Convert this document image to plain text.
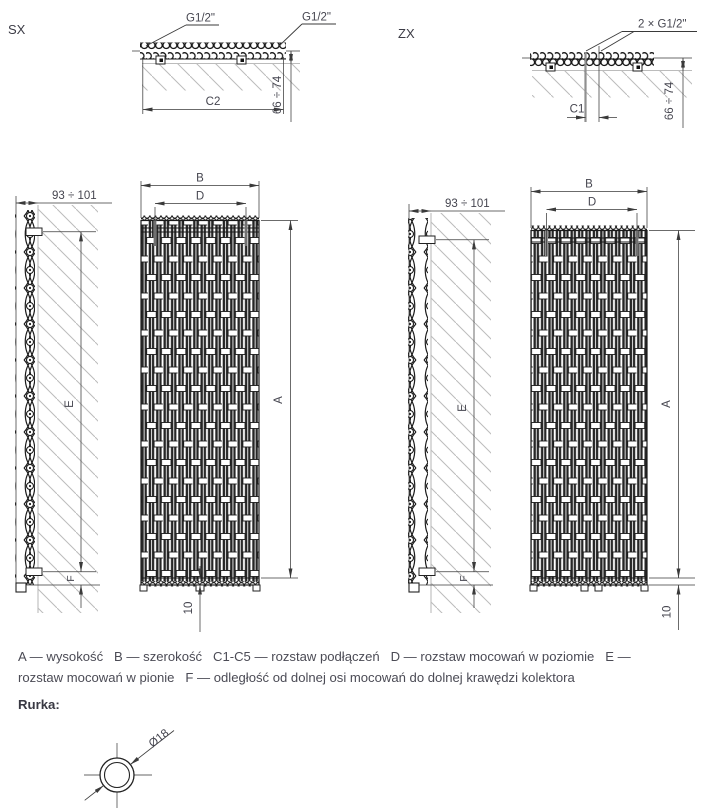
SX
G1/2"	G1/2"
C2	66 ÷ 74
93 ÷ 101
E
F
B
D
A
10
ZX
2 × G1/2"
C1	66 ÷ 74
93 ÷ 101
E
F
B
D
A
10
Ø18
A — wysokość   B — szerokość   C1-C5 — rozstaw podłączeń   D — rozstaw mocowań w poziomie   E — rozstaw mocowań w pionie   F — odległość od dolnej osi mocowań do dolnej krawędzi kolektora
Rurka:
